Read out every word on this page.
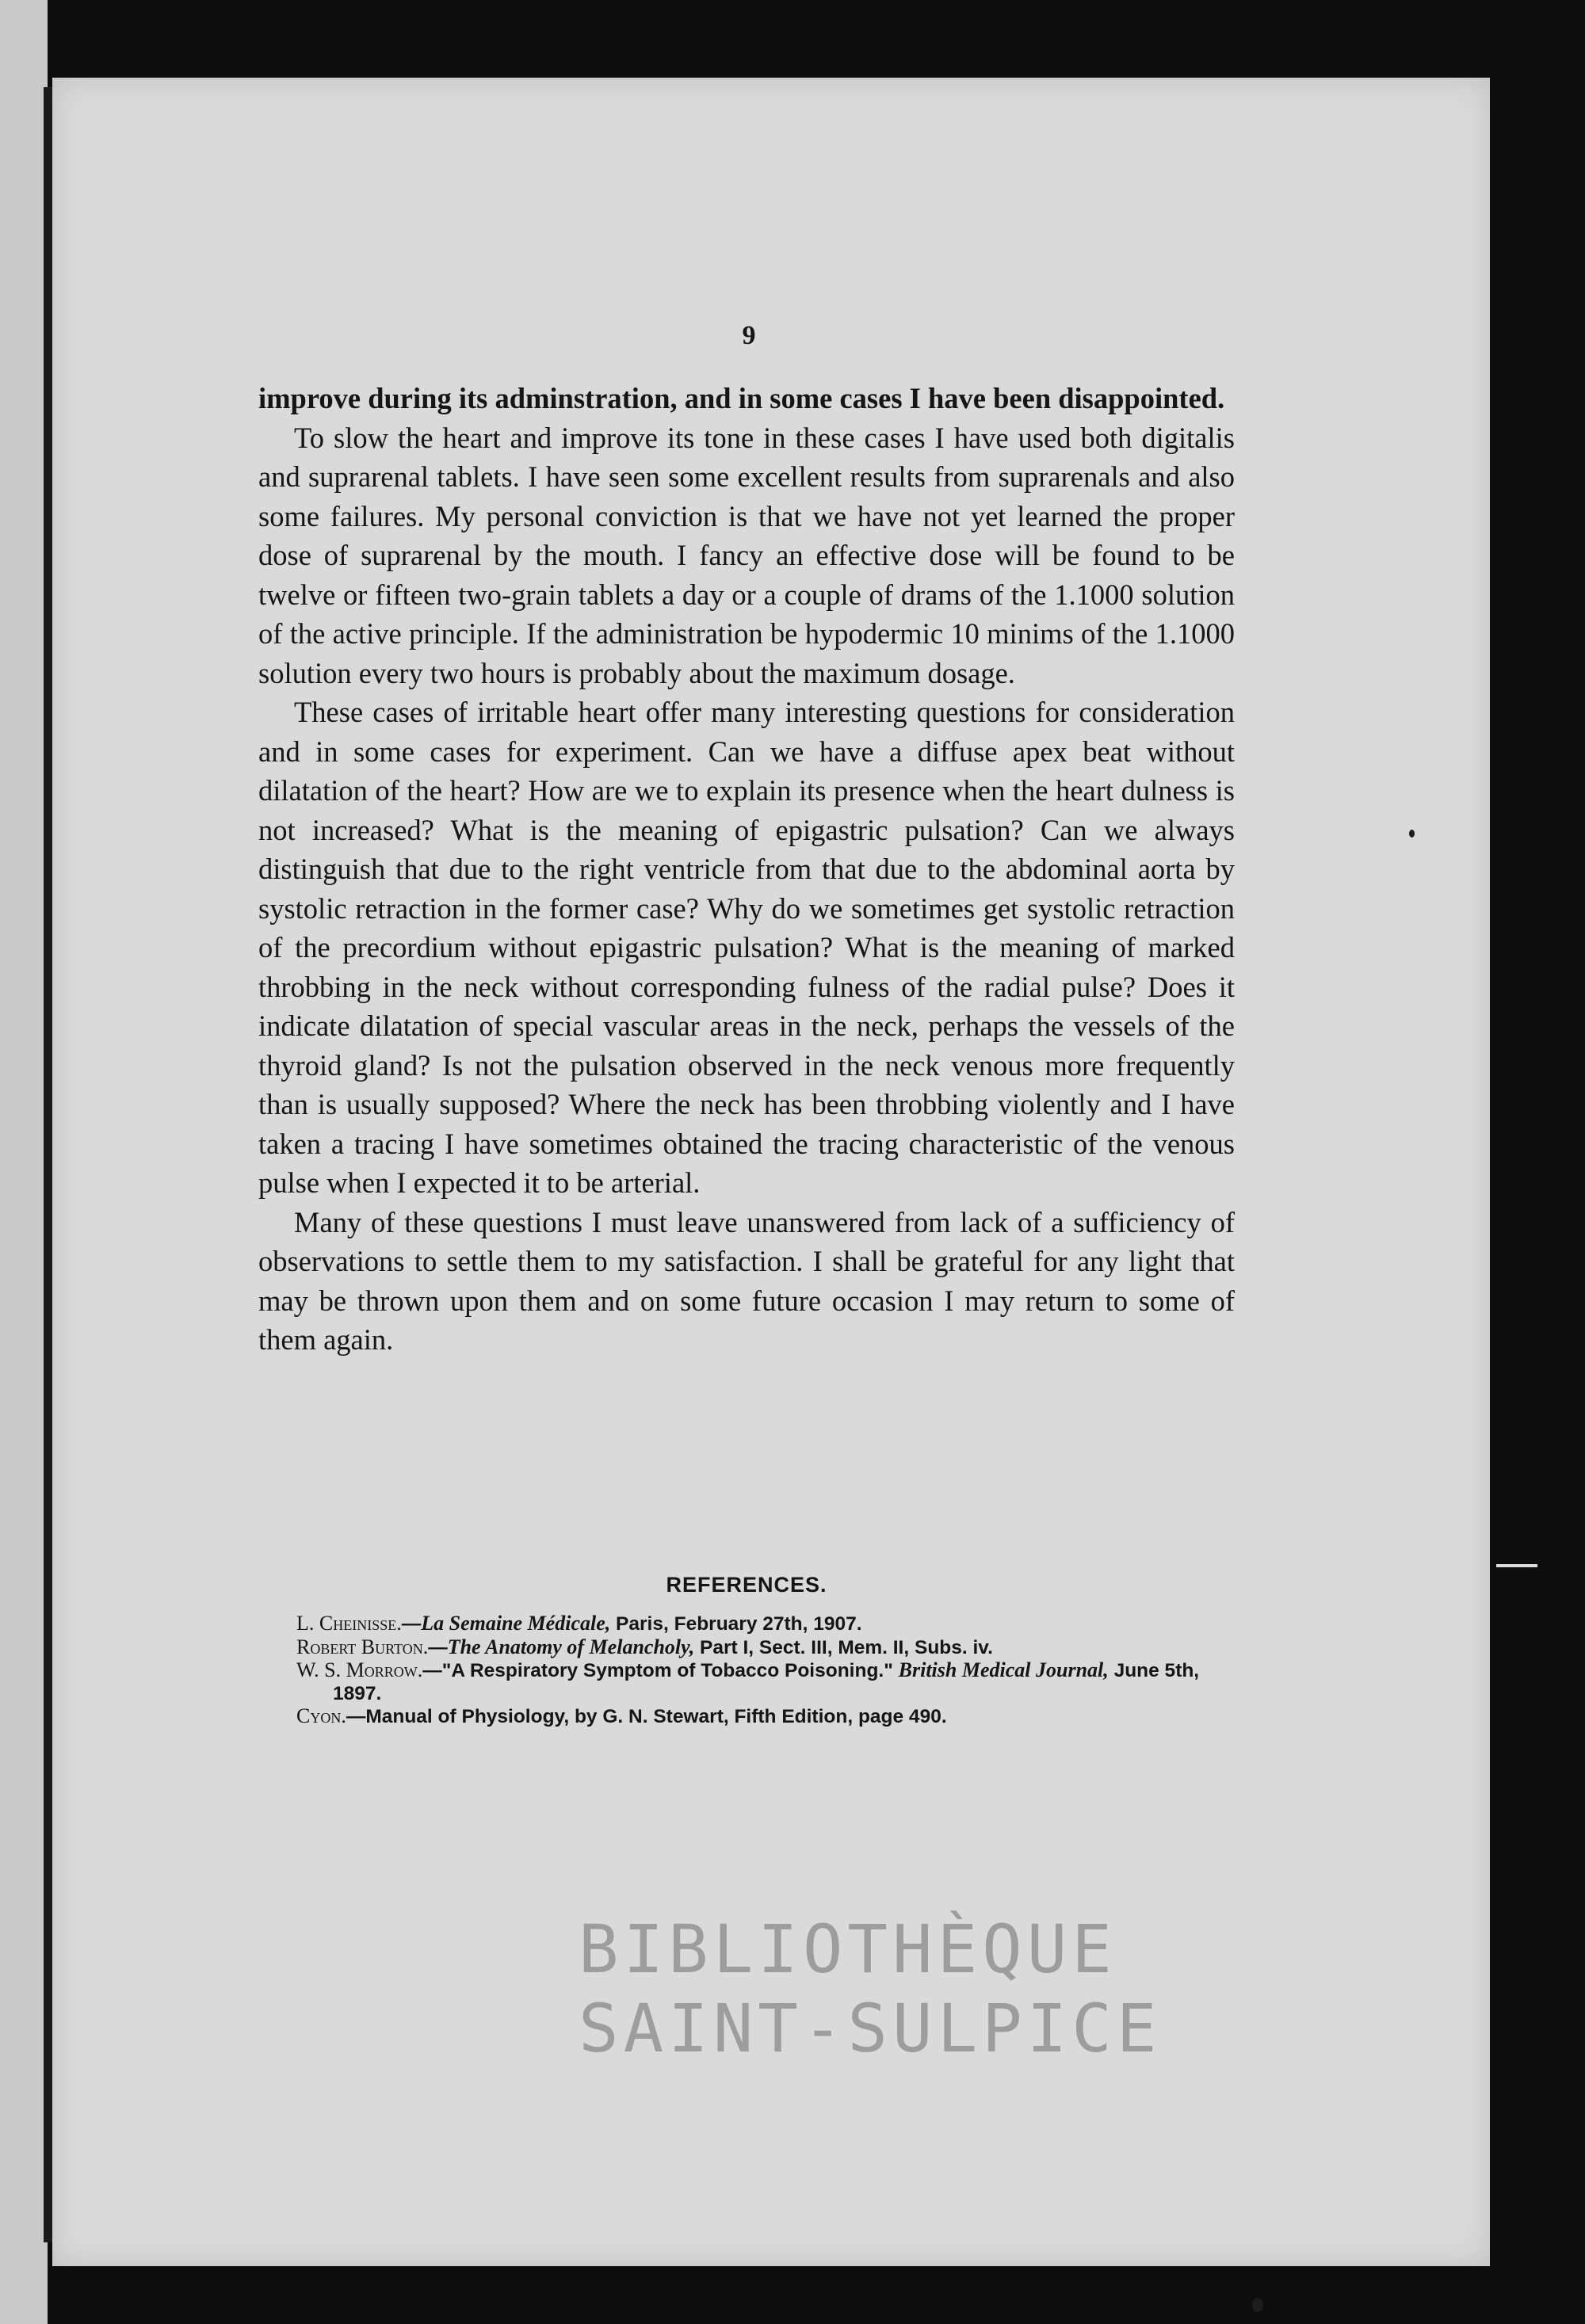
9

improve during its adminstration, and in some cases I have been disappointed.

To slow the heart and improve its tone in these cases I have used both digitalis and suprarenal tablets. I have seen some excellent results from suprarenals and also some failures. My personal conviction is that we have not yet learned the proper dose of suprarenal by the mouth. I fancy an effective dose will be found to be twelve or fifteen two-grain tablets a day or a couple of drams of the 1.1000 solution of the active principle. If the administration be hypodermic 10 minims of the 1.1000 solution every two hours is probably about the maximum dosage.

These cases of irritable heart offer many interesting questions for consideration and in some cases for experiment. Can we have a diffuse apex beat without dilatation of the heart? How are we to explain its presence when the heart dulness is not increased? What is the meaning of epigastric pulsation? Can we always distinguish that due to the right ventricle from that due to the abdominal aorta by systolic retraction in the former case? Why do we sometimes get systolic retraction of the precordium without epigastric pulsation? What is the meaning of marked throbbing in the neck without corresponding fulness of the radial pulse? Does it indicate dilatation of special vascular areas in the neck, perhaps the vessels of the thyroid gland? Is not the pulsation observed in the neck venous more frequently than is usually supposed? Where the neck has been throbbing violently and I have taken a tracing I have sometimes obtained the tracing characteristic of the venous pulse when I expected it to be arterial.

Many of these questions I must leave unanswered from lack of a sufficiency of observations to settle them to my satisfaction. I shall be grateful for any light that may be thrown upon them and on some future occasion I may return to some of them again.

REFERENCES.

L. Cheinisse.—La Semaine Médicale, Paris, February 27th, 1907.

Robert Burton.—The Anatomy of Melancholy, Part I, Sect. III, Mem. II, Subs. iv.

W. S. Morrow.—"A Respiratory Symptom of Tobacco Poisoning." British Medical Journal, June 5th, 1897.

Cyon.—Manual of Physiology, by G. N. Stewart, Fifth Edition, page 490.

BIBLIOTHÈQUE
SAINT-SULPICE
